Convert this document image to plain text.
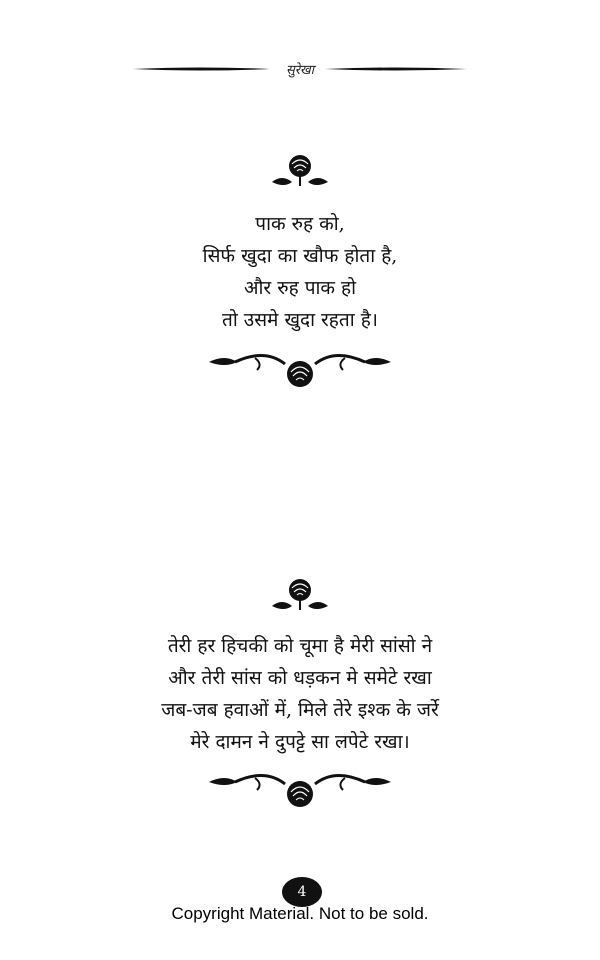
सुरेखा
पाक रुह को,
सिर्फ खुदा का खौफ होता है,
और रुह पाक हो
तो उसमे खुदा रहता है।
तेरी हर हिचकी को चूमा है मेरी सांसो ने
और तेरी सांस को धड़कन मे समेटे रखा
जब-जब हवाओं में, मिले तेरे इश्क के जर्रे
मेरे दामन ने दुपट्टे सा लपेटे रखा।
4
Copyright Material. Not to be sold.
